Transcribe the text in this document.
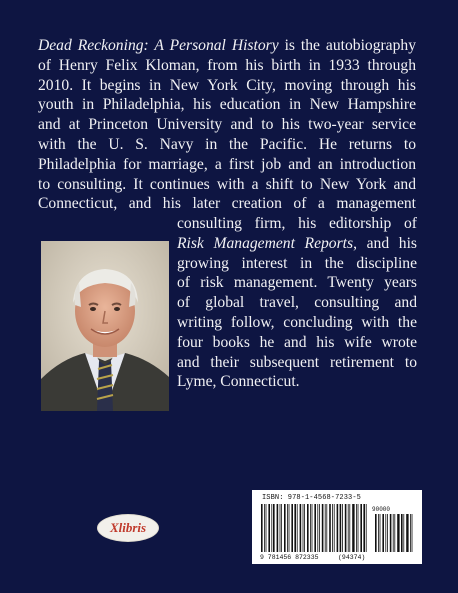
Dead Reckoning: A Personal History is the autobiography
of Henry Felix Kloman, from his birth in 1933 through
2010. It begins in New York City, moving through his
youth in Philadelphia, his education in New Hampshire
and at Princeton University and to his two-year service
with the U. S. Navy in the Pacific. He returns to
Philadelphia for marriage, a first job and an introduction
to consulting. It continues with a shift to New York and
Connecticut, and his later creation of a management
consulting firm, his editorship of
Risk Management Reports, and his
growing interest in the discipline
of risk management. Twenty years
of global travel, consulting and
writing follow, concluding with the
four books he and his wife wrote
and their subsequent retirement to
Lyme, Connecticut.
Xlibris
ISBN: 978-1-4568-7233-5
90000
9 781456 872335	(94374)
